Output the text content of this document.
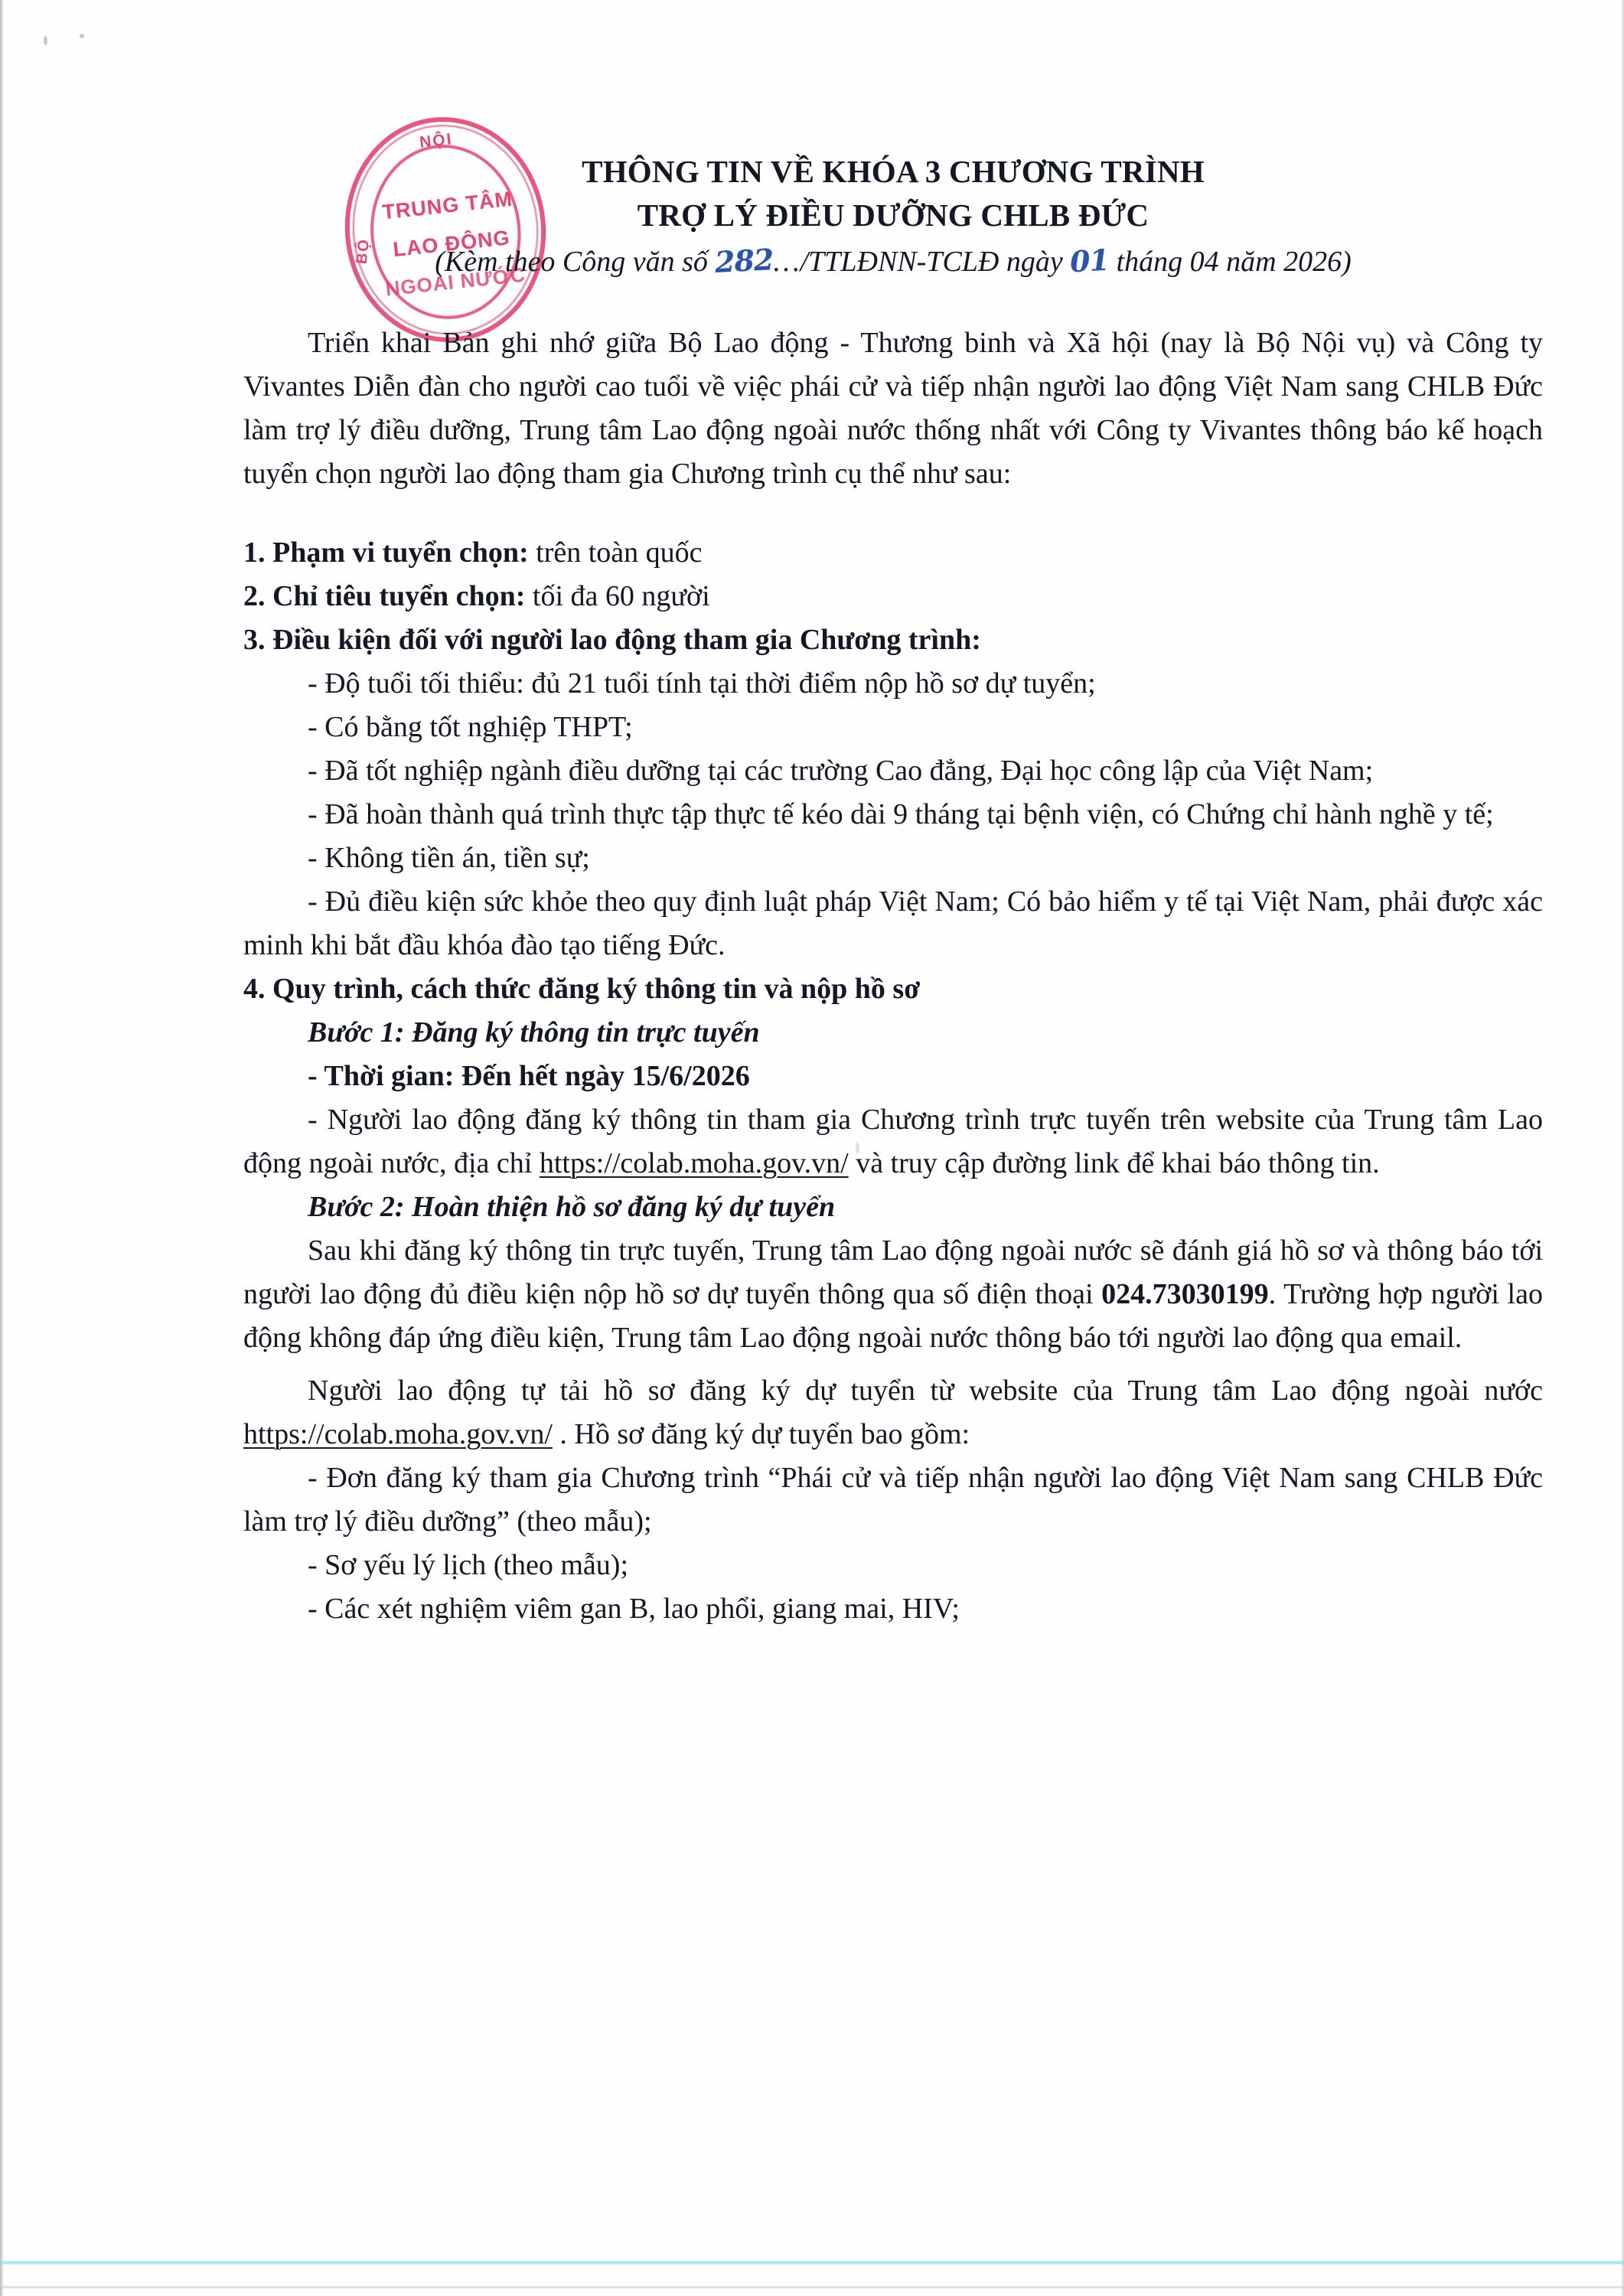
NỘI
BỘ
TRUNG TÂM
LAO ĐỘNG
NGOÀI NƯỚC
THÔNG TIN VỀ KHÓA 3 CHƯƠNG TRÌNH
TRỢ LÝ ĐIỀU DƯỠNG CHLB ĐỨC
(Kèm theo Công văn số 282…/TTLĐNN-TCLĐ ngày 01 tháng 04 năm 2026)

Triển khai Bản ghi nhớ giữa Bộ Lao động - Thương binh và Xã hội (nay là Bộ Nội vụ) và Công ty Vivantes Diễn đàn cho người cao tuổi về việc phái cử và tiếp nhận người lao động Việt Nam sang CHLB Đức làm trợ lý điều dưỡng, Trung tâm Lao động ngoài nước thống nhất với Công ty Vivantes thông báo kế hoạch tuyển chọn người lao động tham gia Chương trình cụ thể như sau:

1. Phạm vi tuyển chọn: trên toàn quốc
2. Chỉ tiêu tuyển chọn: tối đa 60 người
3. Điều kiện đối với người lao động tham gia Chương trình:

- Độ tuổi tối thiểu: đủ 21 tuổi tính tại thời điểm nộp hồ sơ dự tuyển;

- Có bằng tốt nghiệp THPT;

- Đã tốt nghiệp ngành điều dưỡng tại các trường Cao đẳng, Đại học công lập của Việt Nam;

- Đã hoàn thành quá trình thực tập thực tế kéo dài 9 tháng tại bệnh viện, có Chứng chỉ hành nghề y tế;

- Không tiền án, tiền sự;

- Đủ điều kiện sức khỏe theo quy định luật pháp Việt Nam; Có bảo hiểm y tế tại Việt Nam, phải được xác minh khi bắt đầu khóa đào tạo tiếng Đức.

4. Quy trình, cách thức đăng ký thông tin và nộp hồ sơ
Bước 1: Đăng ký thông tin trực tuyến

- Thời gian: Đến hết ngày 15/6/2026

- Người lao động đăng ký thông tin tham gia Chương trình trực tuyến trên website của Trung tâm Lao động ngoài nước, địa chỉ https://colab.moha.gov.vn/ và truy cập đường link để khai báo thông tin.

Bước 2: Hoàn thiện hồ sơ đăng ký dự tuyển

Sau khi đăng ký thông tin trực tuyến, Trung tâm Lao động ngoài nước sẽ đánh giá hồ sơ và thông báo tới người lao động đủ điều kiện nộp hồ sơ dự tuyển thông qua số điện thoại 024.73030199. Trường hợp người lao động không đáp ứng điều kiện, Trung tâm Lao động ngoài nước thông báo tới người lao động qua email.

Người lao động tự tải hồ sơ đăng ký dự tuyển từ website của Trung tâm Lao động ngoài nước https://colab.moha.gov.vn/ . Hồ sơ đăng ký dự tuyển bao gồm:

- Đơn đăng ký tham gia Chương trình “Phái cử và tiếp nhận người lao động Việt Nam sang CHLB Đức làm trợ lý điều dưỡng” (theo mẫu);

- Sơ yếu lý lịch (theo mẫu);

- Các xét nghiệm viêm gan B, lao phổi, giang mai, HIV;
